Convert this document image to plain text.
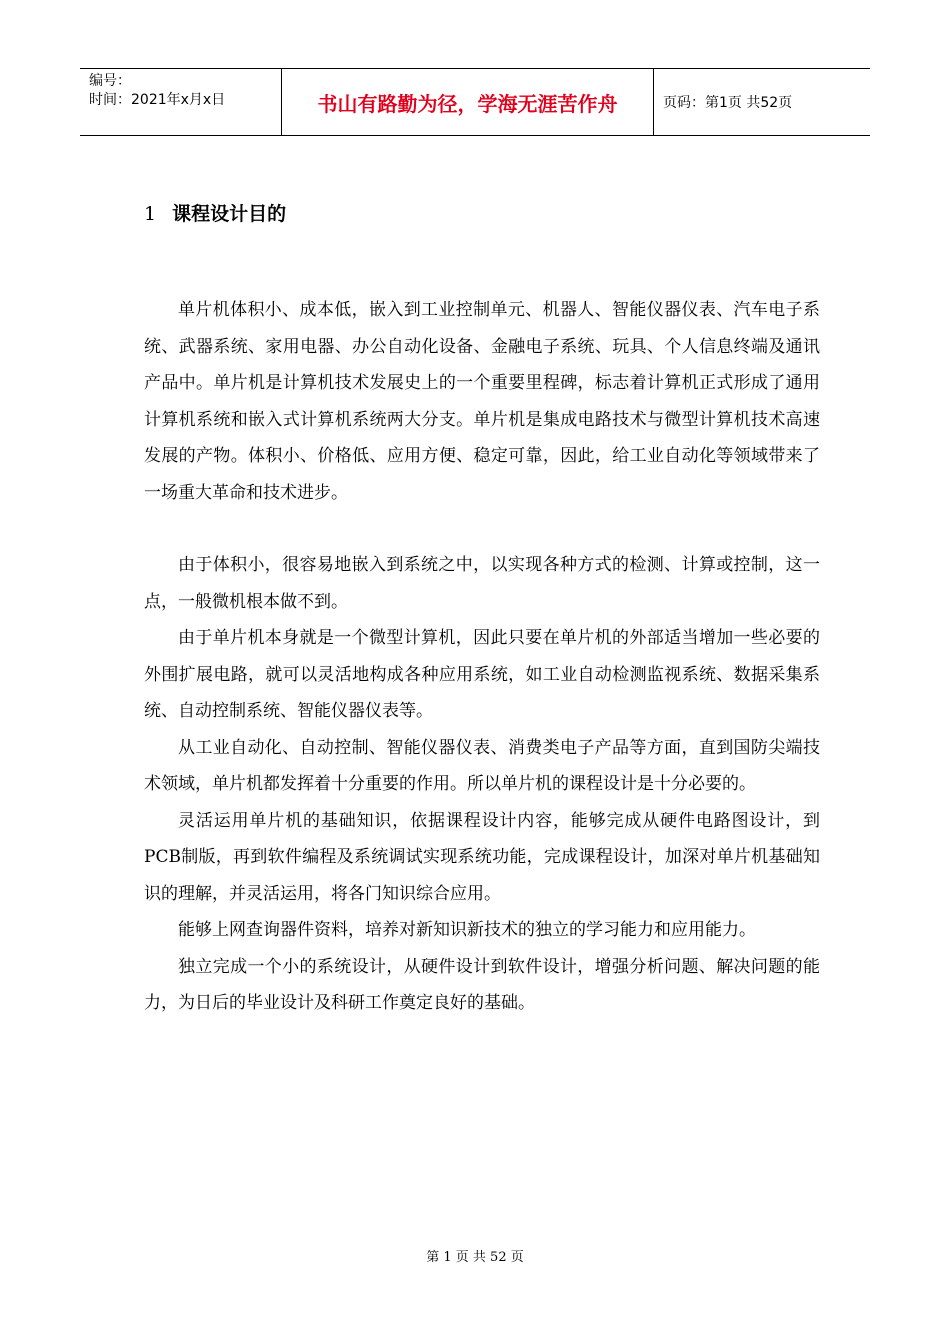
编号：
时间：2021年x月x日	书山有路勤为径，学海无涯苦作舟	页码：第1页 共52页
1 课程设计目的

单片机体积小、成本低，嵌入到工业控制单元、机器人、智能仪器仪表、汽车电子系统、武器系统、家用电器、办公自动化设备、金融电子系统、玩具、个人信息终端及通讯产品中。单片机是计算机技术发展史上的一个重要里程碑，标志着计算机正式形成了通用计算机系统和嵌入式计算机系统两大分支。单片机是集成电路技术与微型计算机技术高速发展的产物。体积小、价格低、应用方便、稳定可靠，因此，给工业自动化等领域带来了一场重大革命和技术进步。

由于体积小，很容易地嵌入到系统之中，以实现各种方式的检测、计算或控制，这一点，一般微机根本做不到。

由于单片机本身就是一个微型计算机，因此只要在单片机的外部适当增加一些必要的外围扩展电路，就可以灵活地构成各种应用系统，如工业自动检测监视系统、数据采集系统、自动控制系统、智能仪器仪表等。

从工业自动化、自动控制、智能仪器仪表、消费类电子产品等方面，直到国防尖端技术领域，单片机都发挥着十分重要的作用。所以单片机的课程设计是十分必要的。

灵活运用单片机的基础知识，依据课程设计内容，能够完成从硬件电路图设计，到PCB制版，再到软件编程及系统调试实现系统功能，完成课程设计，加深对单片机基础知识的理解，并灵活运用，将各门知识综合应用。

能够上网查询器件资料，培养对新知识新技术的独立的学习能力和应用能力。

独立完成一个小的系统设计，从硬件设计到软件设计，增强分析问题、解决问题的能力，为日后的毕业设计及科研工作奠定良好的基础。

第 1 页 共 52 页
